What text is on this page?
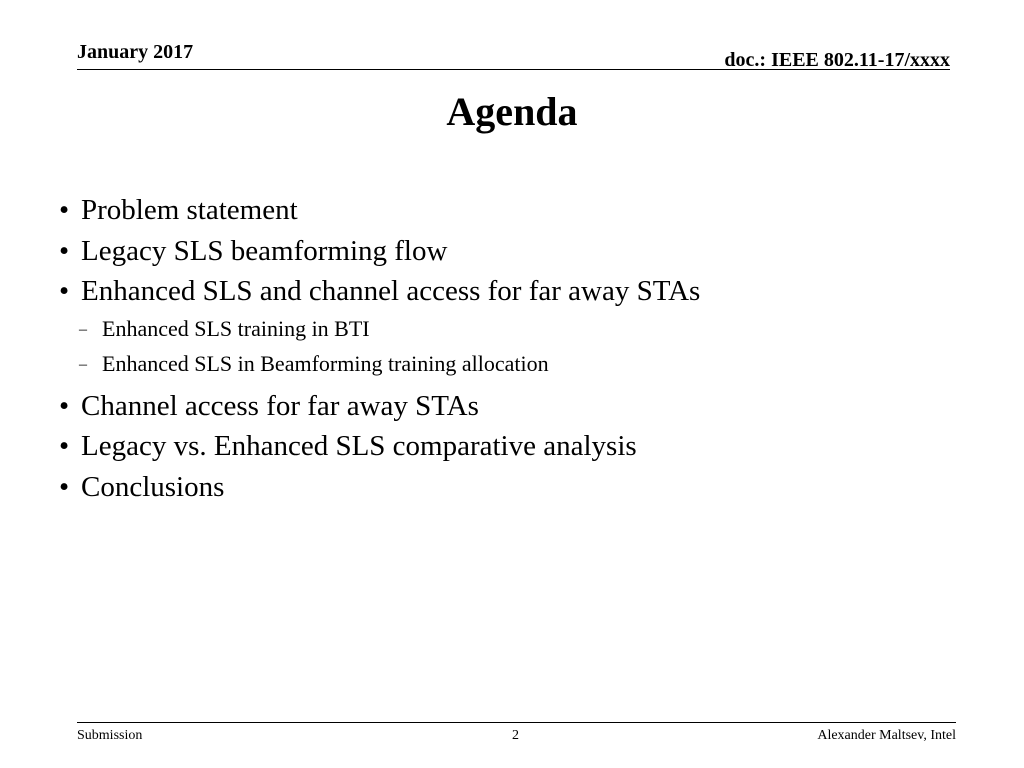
January 2017	doc.: IEEE 802.11-17/xxxx
Agenda
• Problem statement
• Legacy SLS beamforming flow
• Enhanced SLS and channel access for far away STAs
– Enhanced SLS training in BTI
– Enhanced SLS in Beamforming training allocation
• Channel access for far away STAs
• Legacy vs. Enhanced SLS comparative analysis
• Conclusions
Submission	2	Alexander Maltsev, Intel
